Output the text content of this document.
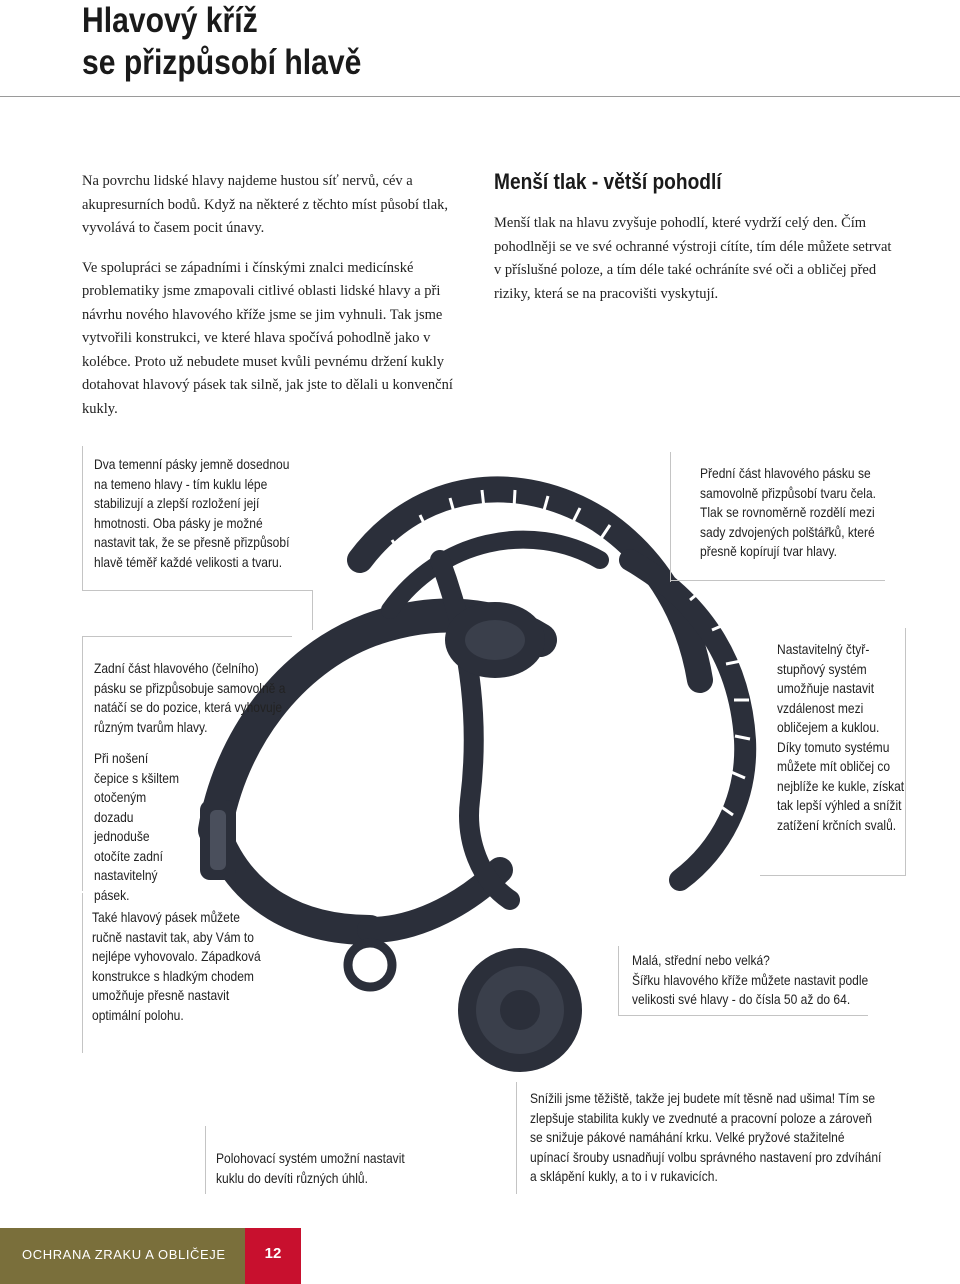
Hlavový kříž
se přizpůsobí hlavě

Na povrchu lidské hlavy najdeme hustou síť nervů, cév a akupresurních bodů. Když na některé z těchto míst působí tlak, vyvolává to časem pocit únavy.

Ve spolupráci se západními i čínskými znalci medicínské problematiky jsme zmapovali citlivé oblasti lidské hlavy a při návrhu nového hlavového kříže jsme se jim vyhnuli. Tak jsme vytvořili konstrukci, ve které hlava spočívá pohodlně jako v kolébce. Proto už nebudete muset kvůli pevnému držení kukly dotahovat hlavový pásek tak silně, jak jste to dělali u konvenční kukly.

Menší tlak - větší pohodlí
Menší tlak na hlavu zvyšuje pohodlí, které vydrží celý den. Čím pohodlněji se ve své ochranné výstroji cítíte, tím déle můžete setrvat v příslušné poloze, a tím déle také ochráníte své oči a obličej před riziky, která se na pracovišti vyskytují.
Dva temenní pásky jemně dosednou na temeno hlavy - tím kuklu lépe stabilizují a zlepší rozložení její hmotnosti. Oba pásky je možné nastavit tak, že se přesně přizpůsobí hlavě téměř každé velikosti a tvaru.
Přední část hlavového pásku se samovolně přizpůsobí tvaru čela. Tlak se rovnoměrně rozdělí mezi sady zdvojených polštářků, které přesně kopírují tvar hlavy.

Zadní část hlavového (čelního) pásku se přizpůsobuje samovolně a natáčí se do pozice, která vyhovuje různým tvarům hlavy.

Při nošení čepice s kšiltem otočeným dozadu jednoduše otočíte zadní nastavitelný pásek.

Nastavitelný čtyř-stupňový systém umožňuje nastavit vzdálenost mezi obličejem a kuklou. Díky tomuto systému můžete mít obličej co nejblíže ke kukle, získat tak lepší výhled a snížit zatížení krčních svalů.
Také hlavový pásek můžete ručně nastavit tak, aby Vám to nejlépe vyhovovalo. Západková konstrukce s hladkým chodem umožňuje přesně nastavit optimální polohu.
Malá, střední nebo velká?
Šířku hlavového kříže můžete nastavit podle velikosti své hlavy - do čísla 50 až do 64.
Polohovací systém umožní nastavit kuklu do devíti různých úhlů.
Snížili jsme těžiště, takže jej budete mít těsně nad ušima! Tím se zlepšuje stabilita kukly ve zvednuté a pracovní poloze a zároveň se snižuje pákové namáhání krku. Velké pryžové stažitelné upínací šrouby usnadňují volbu správného nastavení pro zdvíhání a sklápění kukly, a to i v rukavicích.
OCHRANA ZRAKU A OBLIČEJE	12
